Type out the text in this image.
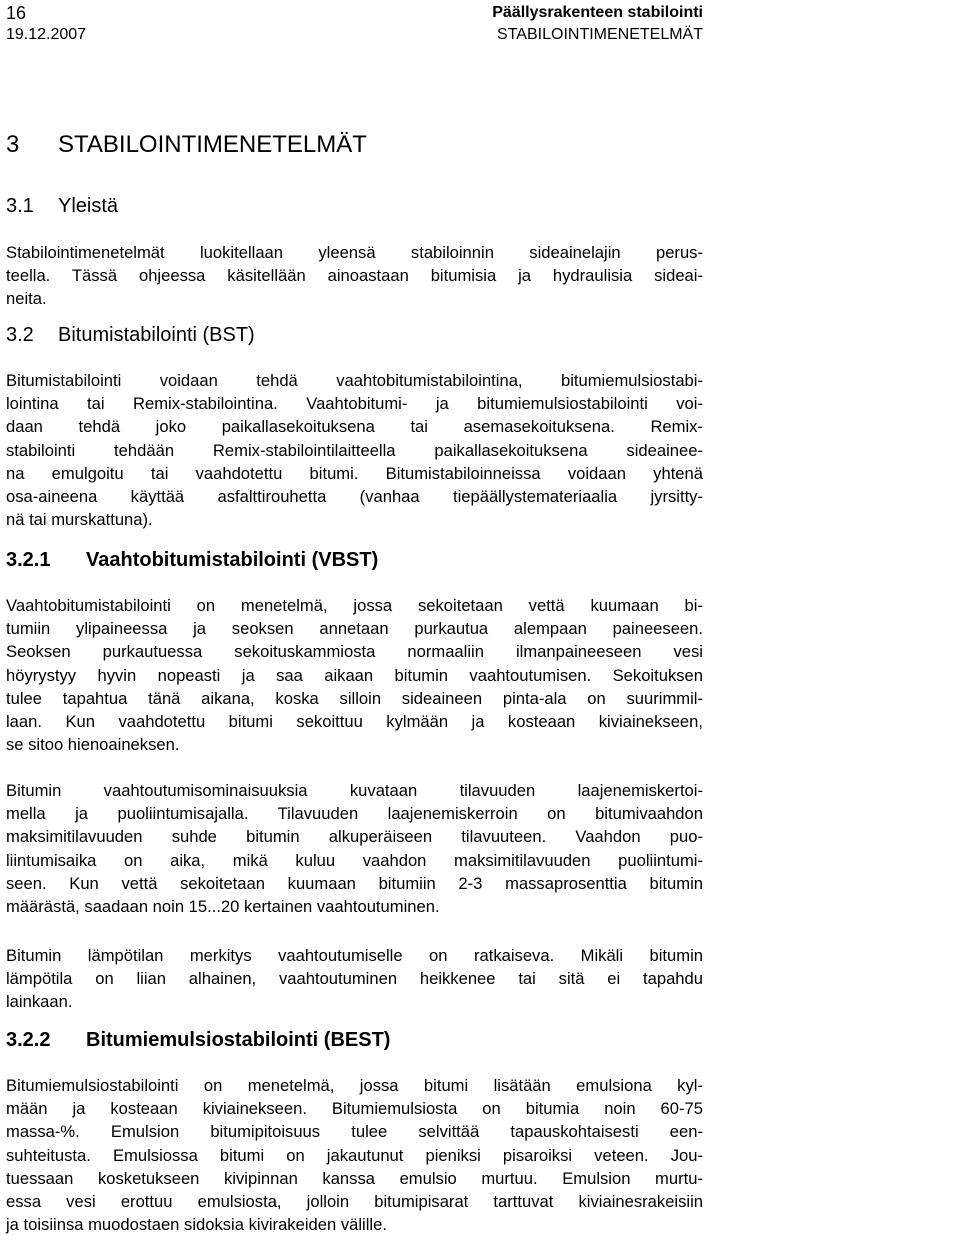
16
19.12.2007
Päällysrakenteen stabilointi
STABILOINTIMENETELMÄT
3 STABILOINTIMENETELMÄT
3.1 Yleistä
Stabilointimenetelmät luokitellaan yleensä stabiloinnin sideainelajin perus-
teella. Tässä ohjeessa käsitellään ainoastaan bitumisia ja hydraulisia sideai-
neita.
3.2 Bitumistabilointi (BST)
Bitumistabilointi voidaan tehdä vaahtobitumistabilointina, bitumiemulsiostabi-
lointina tai Remix-stabilointina. Vaahtobitumi- ja bitumiemulsiostabilointi voi-
daan tehdä joko paikallasekoituksena tai asemasekoituksena. Remix-
stabilointi tehdään Remix-stabilointilaitteella paikallasekoituksena sideainee-
na emulgoitu tai vaahdotettu bitumi. Bitumistabiloinneissa voidaan yhtenä
osa-aineena käyttää asfalttirouhetta (vanhaa tiepäällystemateriaalia jyrsitty-
nä tai murskattuna).
3.2.1 Vaahtobitumistabilointi (VBST)
Vaahtobitumistabilointi on menetelmä, jossa sekoitetaan vettä kuumaan bi-
tumiin ylipaineessa ja seoksen annetaan purkautua alempaan paineeseen.
Seoksen purkautuessa sekoituskammiosta normaaliin ilmanpaineeseen vesi
höyrystyy hyvin nopeasti ja saa aikaan bitumin vaahtoutumisen. Sekoituksen
tulee tapahtua tänä aikana, koska silloin sideaineen pinta-ala on suurimmil-
laan. Kun vaahdotettu bitumi sekoittuu kylmään ja kosteaan kiviainekseen,
se sitoo hienoaineksen.
Bitumin vaahtoutumisominaisuuksia kuvataan tilavuuden laajenemiskertoi-
mella ja puoliintumisajalla. Tilavuuden laajenemiskerroin on bitumivaahdon
maksimitilavuuden suhde bitumin alkuperäiseen tilavuuteen. Vaahdon puo-
liintumisaika on aika, mikä kuluu vaahdon maksimitilavuuden puoliintumi-
seen. Kun vettä sekoitetaan kuumaan bitumiin 2-3 massaprosenttia bitumin
määrästä, saadaan noin 15...20 kertainen vaahtoutuminen.
Bitumin lämpötilan merkitys vaahtoutumiselle on ratkaiseva. Mikäli bitumin
lämpötila on liian alhainen, vaahtoutuminen heikkenee tai sitä ei tapahdu
lainkaan.
3.2.2 Bitumiemulsiostabilointi (BEST)
Bitumiemulsiostabilointi on menetelmä, jossa bitumi lisätään emulsiona kyl-
mään ja kosteaan kiviainekseen. Bitumiemulsiosta on bitumia noin 60-75
massa-%. Emulsion bitumipitoisuus tulee selvittää tapauskohtaisesti een-
suhteitusta. Emulsiossa bitumi on jakautunut pieniksi pisaroiksi veteen. Jou-
tuessaan kosketukseen kivipinnan kanssa emulsio murtuu. Emulsion murtu-
essa vesi erottuu emulsiosta, jolloin bitumipisarat tarttuvat kiviainesrakeisiin
ja toisiinsa muodostaen sidoksia kivirakeiden välille.
